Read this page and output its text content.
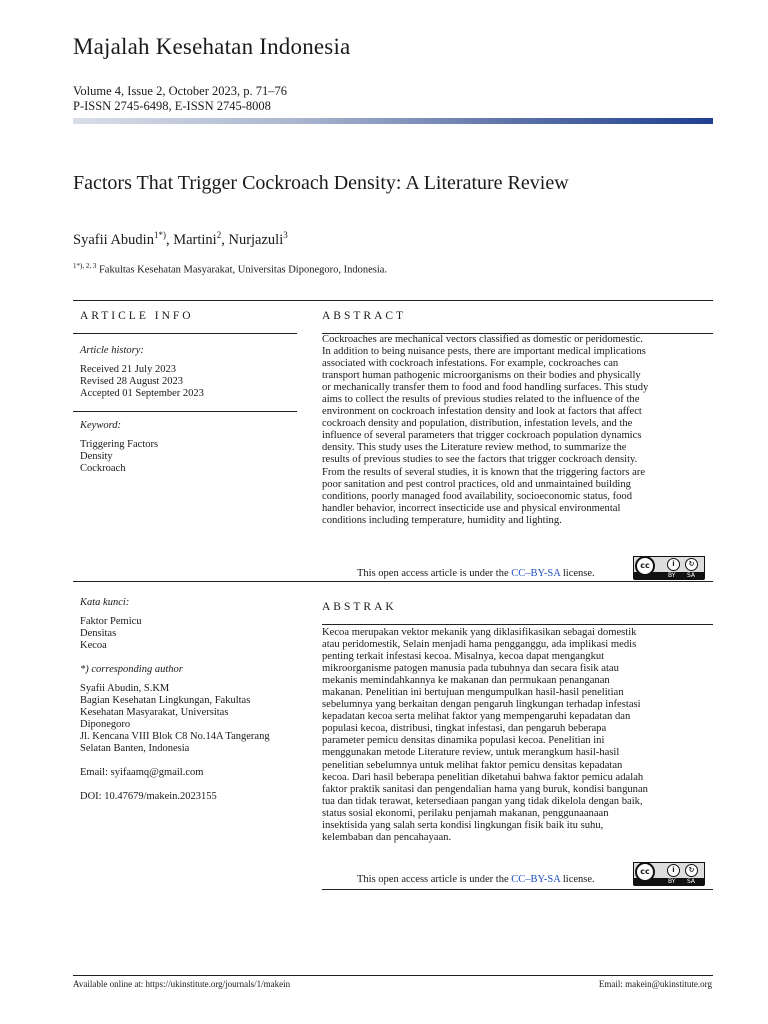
Majalah Kesehatan Indonesia
Volume 4, Issue 2, October 2023, p. 71–76
P-ISSN 2745-6498, E-ISSN 2745-8008
Factors That Trigger Cockroach Density: A Literature Review
Syafii Abudin$^{1*)}$, Martini$^2$, Nurjazuli$^3$
$^{1*), 2, 3}$ Fakultas Kesehatan Masyarakat, Universitas Diponegoro, Indonesia.
ARTICLE INFO
Article history:
Received 21 July 2023
Revised 28 August 2023
Accepted 01 September 2023
Keyword:
Triggering Factors
Density
Cockroach
Kata kunci:
Faktor Pemicu
Densitas
Kecoa
*) corresponding author
Syafii Abudin, S.KM
Bagian Kesehatan Lingkungan, Fakultas
Kesehatan Masyarakat, Universitas
Diponegoro
Jl. Kencana VIII Blok C8 No.14A Tangerang
Selatan Banten, Indonesia
Email: syifaamq@gmail.com
DOI: 10.47679/makein.2023155
ABSTRACT
Cockroaches are mechanical vectors classified as domestic or peridomestic.
In addition to being nuisance pests, there are important medical implications
associated with cockroach infestations. For example, cockroaches can
transport human pathogenic microorganisms on their bodies and physically
or mechanically transfer them to food and food handling surfaces. This study
aims to collect the results of previous studies related to the influence of the
environment on cockroach infestation density and look at factors that affect
cockroach density and population, distribution, infestation levels, and the
influence of several parameters that trigger cockroach population dynamics
density. This study uses the Literature review method, to summarize the
results of previous studies to see the factors that trigger cockroach density.
From the results of several studies, it is known that the triggering factors are
poor sanitation and pest control practices, old and unmaintained building
conditions, poorly managed food availability, socioeconomic status, food
handler behavior, incorrect insecticide use and physical environmental
conditions including temperature, humidity and lighting.
This open access article is under the CC–BY-SA license.
cc	i	↻
BY SA
ABSTRAK
Kecoa merupakan vektor mekanik yang diklasifikasikan sebagai domestik
atau peridomestik, Selain menjadi hama pengganggu, ada implikasi medis
penting terkait infestasi kecoa. Misalnya, kecoa dapat mengangkut
mikroorganisme patogen manusia pada tubuhnya dan secara fisik atau
mekanis memindahkannya ke makanan dan permukaan penanganan
makanan. Penelitian ini bertujuan mengumpulkan hasil-hasil penelitian
sebelumnya yang berkaitan dengan pengaruh lingkungan terhadap infestasi
kepadatan kecoa serta melihat faktor yang mempengaruhi kepadatan dan
populasi kecoa, distribusi, tingkat infestasi, dan pengaruh beberapa
parameter pemicu densitas dinamika populasi kecoa. Penelitian ini
menggunakan metode Literature review, untuk merangkum hasil-hasil
penelitian sebelumnya untuk melihat faktor pemicu densitas kepadatan
kecoa. Dari hasil beberapa penelitian diketahui bahwa faktor pemicu adalah
faktor praktik sanitasi dan pengendalian hama yang buruk, kondisi bangunan
tua dan tidak terawat, ketersediaan pangan yang tidak dikelola dengan baik,
status sosial ekonomi, perilaku penjamah makanan, penggunaanaan
insektisida yang salah serta kondisi lingkungan fisik baik itu suhu,
kelembaban dan pencahayaan.
This open access article is under the CC–BY-SA license.
cc	i	↻
BY SA
Available online at: https://ukinstitute.org/journals/1/makein	Email: makein@ukinstitute.org
